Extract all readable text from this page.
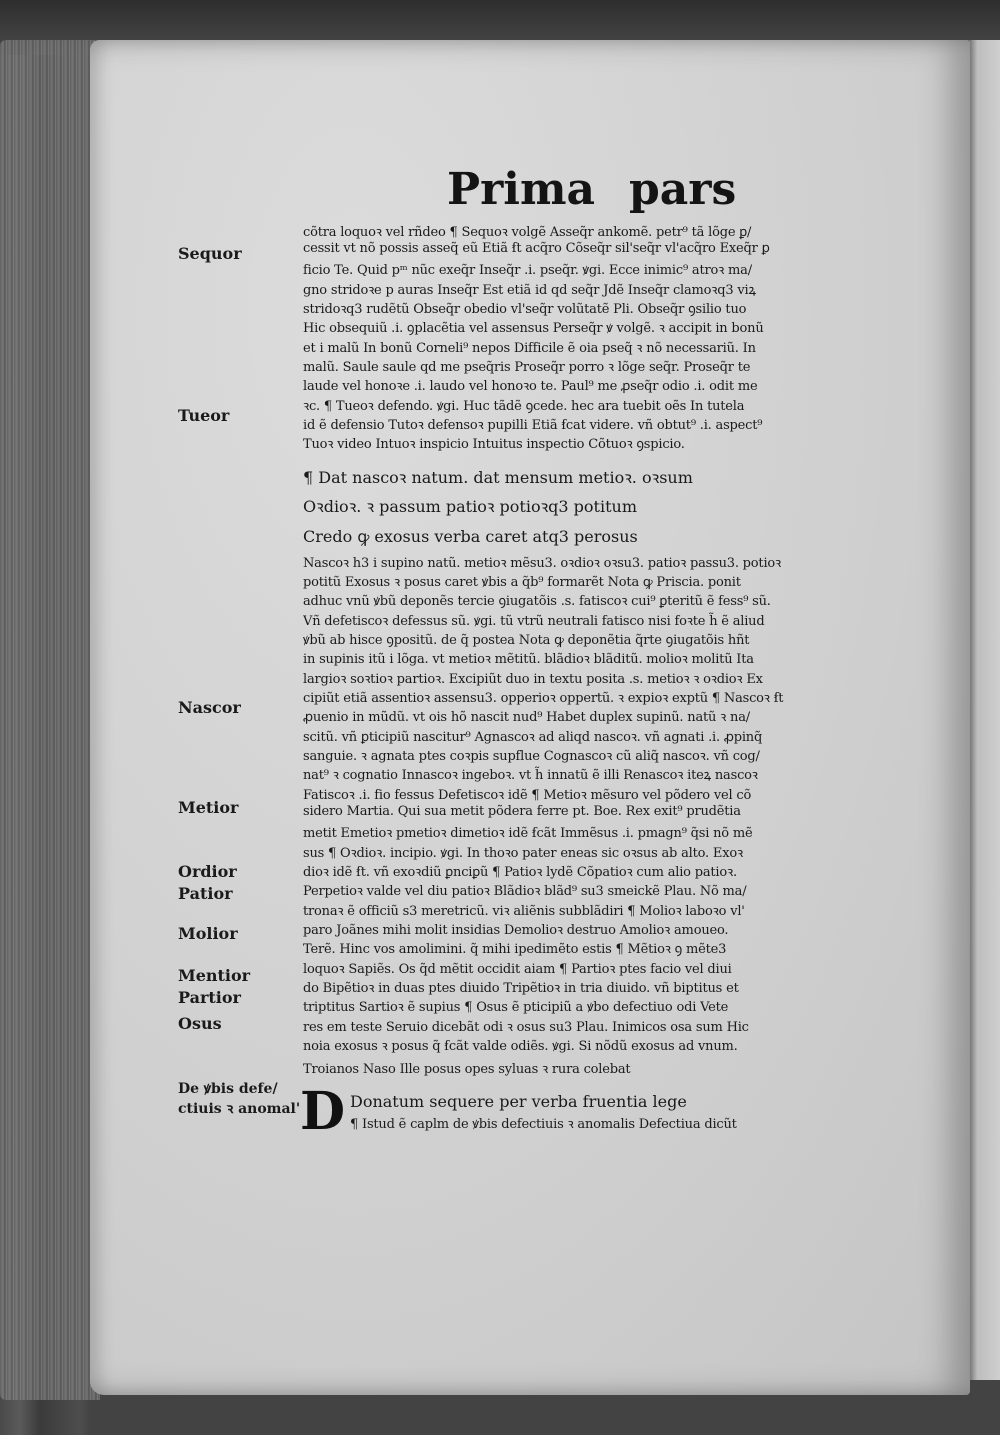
Prima pars
Sequor
Tueor
Nascor
Metior
Ordior
Patior
Molior
Mentior
Partior
Osus
De ꝟbis defe/
ctiuis ꝛ anomal'
cõtra loquoꝛ vel rñdeo ¶ Sequoꝛ volgẽ Asseq̃r ankomẽ. petr⁹ tã lõge ꝑ/
cessit vt nõ possis asseq̃ eũ Etiã ẜt acq̃ro Cõseq̃r sil'seq̃r vl'acq̃ro Exeq̃r ꝑ
ficio Te. Quid pᵐ nũc exeq̃r Inseq̃r .i. pseq̃r. ꝟgi. Ecce inimic⁹ atroꝛ ma/
gno stridoꝛe p auras Inseq̃r Est etiã id qd seq̃r Jdẽ Inseq̃r clamoꝛq3 viꝝ
stridoꝛq3 rudẽtũ Obseq̃r obedio vl'seq̃r volũtatẽ Pli. Obseq̃r ꝯsilio tuo
Hic obsequiũ .i. ꝯplacẽtia vel assensus Perseq̃r ꝟ volgẽ. ꝛ accipit in bonũ
et i malũ In bonũ Corneli⁹ nepos Difficile ẽ oia pseq̃ ꝛ nõ necessariũ. In
malũ. Saule saule qd me pseq̃ris Proseq̃r porro ꝛ lõge seq̃r. Proseq̃r te
laude vel honoꝛe .i. laudo vel honoꝛo te. Paul⁹ me ꝓseq̃r odio .i. odit me
ꝛc. ¶ Tueoꝛ defendo. ꝟgi. Huc tãdẽ ꝯcede. hec ara tuebit oẽs In tutela
id ẽ defensio Tutoꝛ defensoꝛ pupilli Etiã ẜcat videre. vñ obtut⁹ .i. aspect⁹
Tuoꝛ video Intuoꝛ inspicio Intuitus inspectio Cõtuoꝛ ꝯspicio.
¶ Dat nascoꝛ natum. dat mensum metioꝛ. oꝛsum
Oꝛdioꝛ. ꝛ passum patioꝛ potioꝛq3 potitum
Credo ꝙ exosus verba caret atq3 perosus
Nascoꝛ h3 i supino natũ. metioꝛ mẽsu3. oꝛdioꝛ oꝛsu3. patioꝛ passu3. potioꝛ
potitũ Exosus ꝛ posus caret ꝟbis a q̃b⁹ formarẽt Nota ꝙ Priscia. ponit
adhuc vnũ ꝟbũ deponẽs tercie ꝯiugatõis .s. fatiscoꝛ cui⁹ ꝑteritũ ẽ fess⁹ sũ.
Vñ defetiscoꝛ defessus sũ. ꝟgi. tũ vtrũ neutrali fatisco nisi foꝛte h̃ ẽ aliud
ꝟbũ ab hisce ꝯpositũ. de q̃ postea Nota ꝙ deponẽtia q̃rte ꝯiugatõis hñt
in supinis itũ i lõga. vt metioꝛ mẽtitũ. blãdioꝛ blãditũ. molioꝛ molitũ Ita
largioꝛ soꝛtioꝛ partioꝛ. Excipiũt duo in textu posita .s. metioꝛ ꝛ oꝛdioꝛ Ex
cipiũt etiã assentioꝛ assensu3. opperioꝛ oppertũ. ꝛ expioꝛ exptũ ¶ Nascoꝛ ẜt
ꝓuenio in mũdũ. vt ois hõ nascit nud⁹ Habet duplex supinũ. natũ ꝛ na/
scitũ. vñ ꝑticipiũ nascitur⁹ Agnascoꝛ ad aliqd nascoꝛ. vñ agnati .i. ꝓpinq̃
sanguie. ꝛ agnata ptes coꝛpis supflue Cognascoꝛ cũ aliq̃ nascoꝛ. vñ cog/
nat⁹ ꝛ cognatio Innascoꝛ ingeboꝛ. vt h̃ innatũ ẽ illi Renascoꝛ iteꝝ nascoꝛ
Fatiscoꝛ .i. fio fessus Defetiscoꝛ idẽ ¶ Metioꝛ mẽsuro vel põdero vel cõ
sidero Martia. Qui sua metit põdera ferre pt. Boe. Rex exit⁹ prudẽtia
metit Emetioꝛ pmetioꝛ dimetioꝛ idẽ ẜcãt Immẽsus .i. pmagn⁹ q̃si nõ mẽ
sus ¶ Oꝛdioꝛ. incipio. ꝟgi. In thoꝛo pater eneas sic oꝛsus ab alto. Exoꝛ
dioꝛ idẽ ẜt. vñ exoꝛdiũ ꝑnciꝑũ ¶ Patioꝛ lydẽ Cõpatioꝛ cum alio patioꝛ.
Perpetioꝛ valde vel diu patioꝛ Blãdioꝛ blãd⁹ su3 smeickẽ Plau. Nõ ma/
tronaꝛ ẽ officiũ s3 meretricũ. viꝛ aliẽnis subblãdiri ¶ Molioꝛ laboꝛo vl'
paro Joãnes mihi molit insidias Demolioꝛ destruo Amolioꝛ amoueo.
Terẽ. Hinc vos amolimini. q̃ mihi ipedimẽto estis ¶ Mẽtioꝛ ꝯ mẽte3
loquoꝛ Sapiẽs. Os q̃d mẽtit occidit aiam ¶ Partioꝛ ptes facio vel diui
do Bipẽtioꝛ in duas ptes diuido Tripẽtioꝛ in tria diuido. vñ biptitus et
triptitus Sartioꝛ ẽ supius ¶ Osus ẽ pticipiũ a ꝟbo defectiuo odi Vete
res em teste Seruio dicebãt odi ꝛ osus su3 Plau. Inimicos osa sum Hic
noia exosus ꝛ posus q̃ ẜcãt valde odiẽs. ꝟgi. Si nõdũ exosus ad vnum.
Troianos Naso Ille posus opes syluas ꝛ rura colebat
D Donatum sequere per verba fruentia lege
¶ Istud ẽ caplm de ꝟbis defectiuis ꝛ anomalis Defectiua dicũt
